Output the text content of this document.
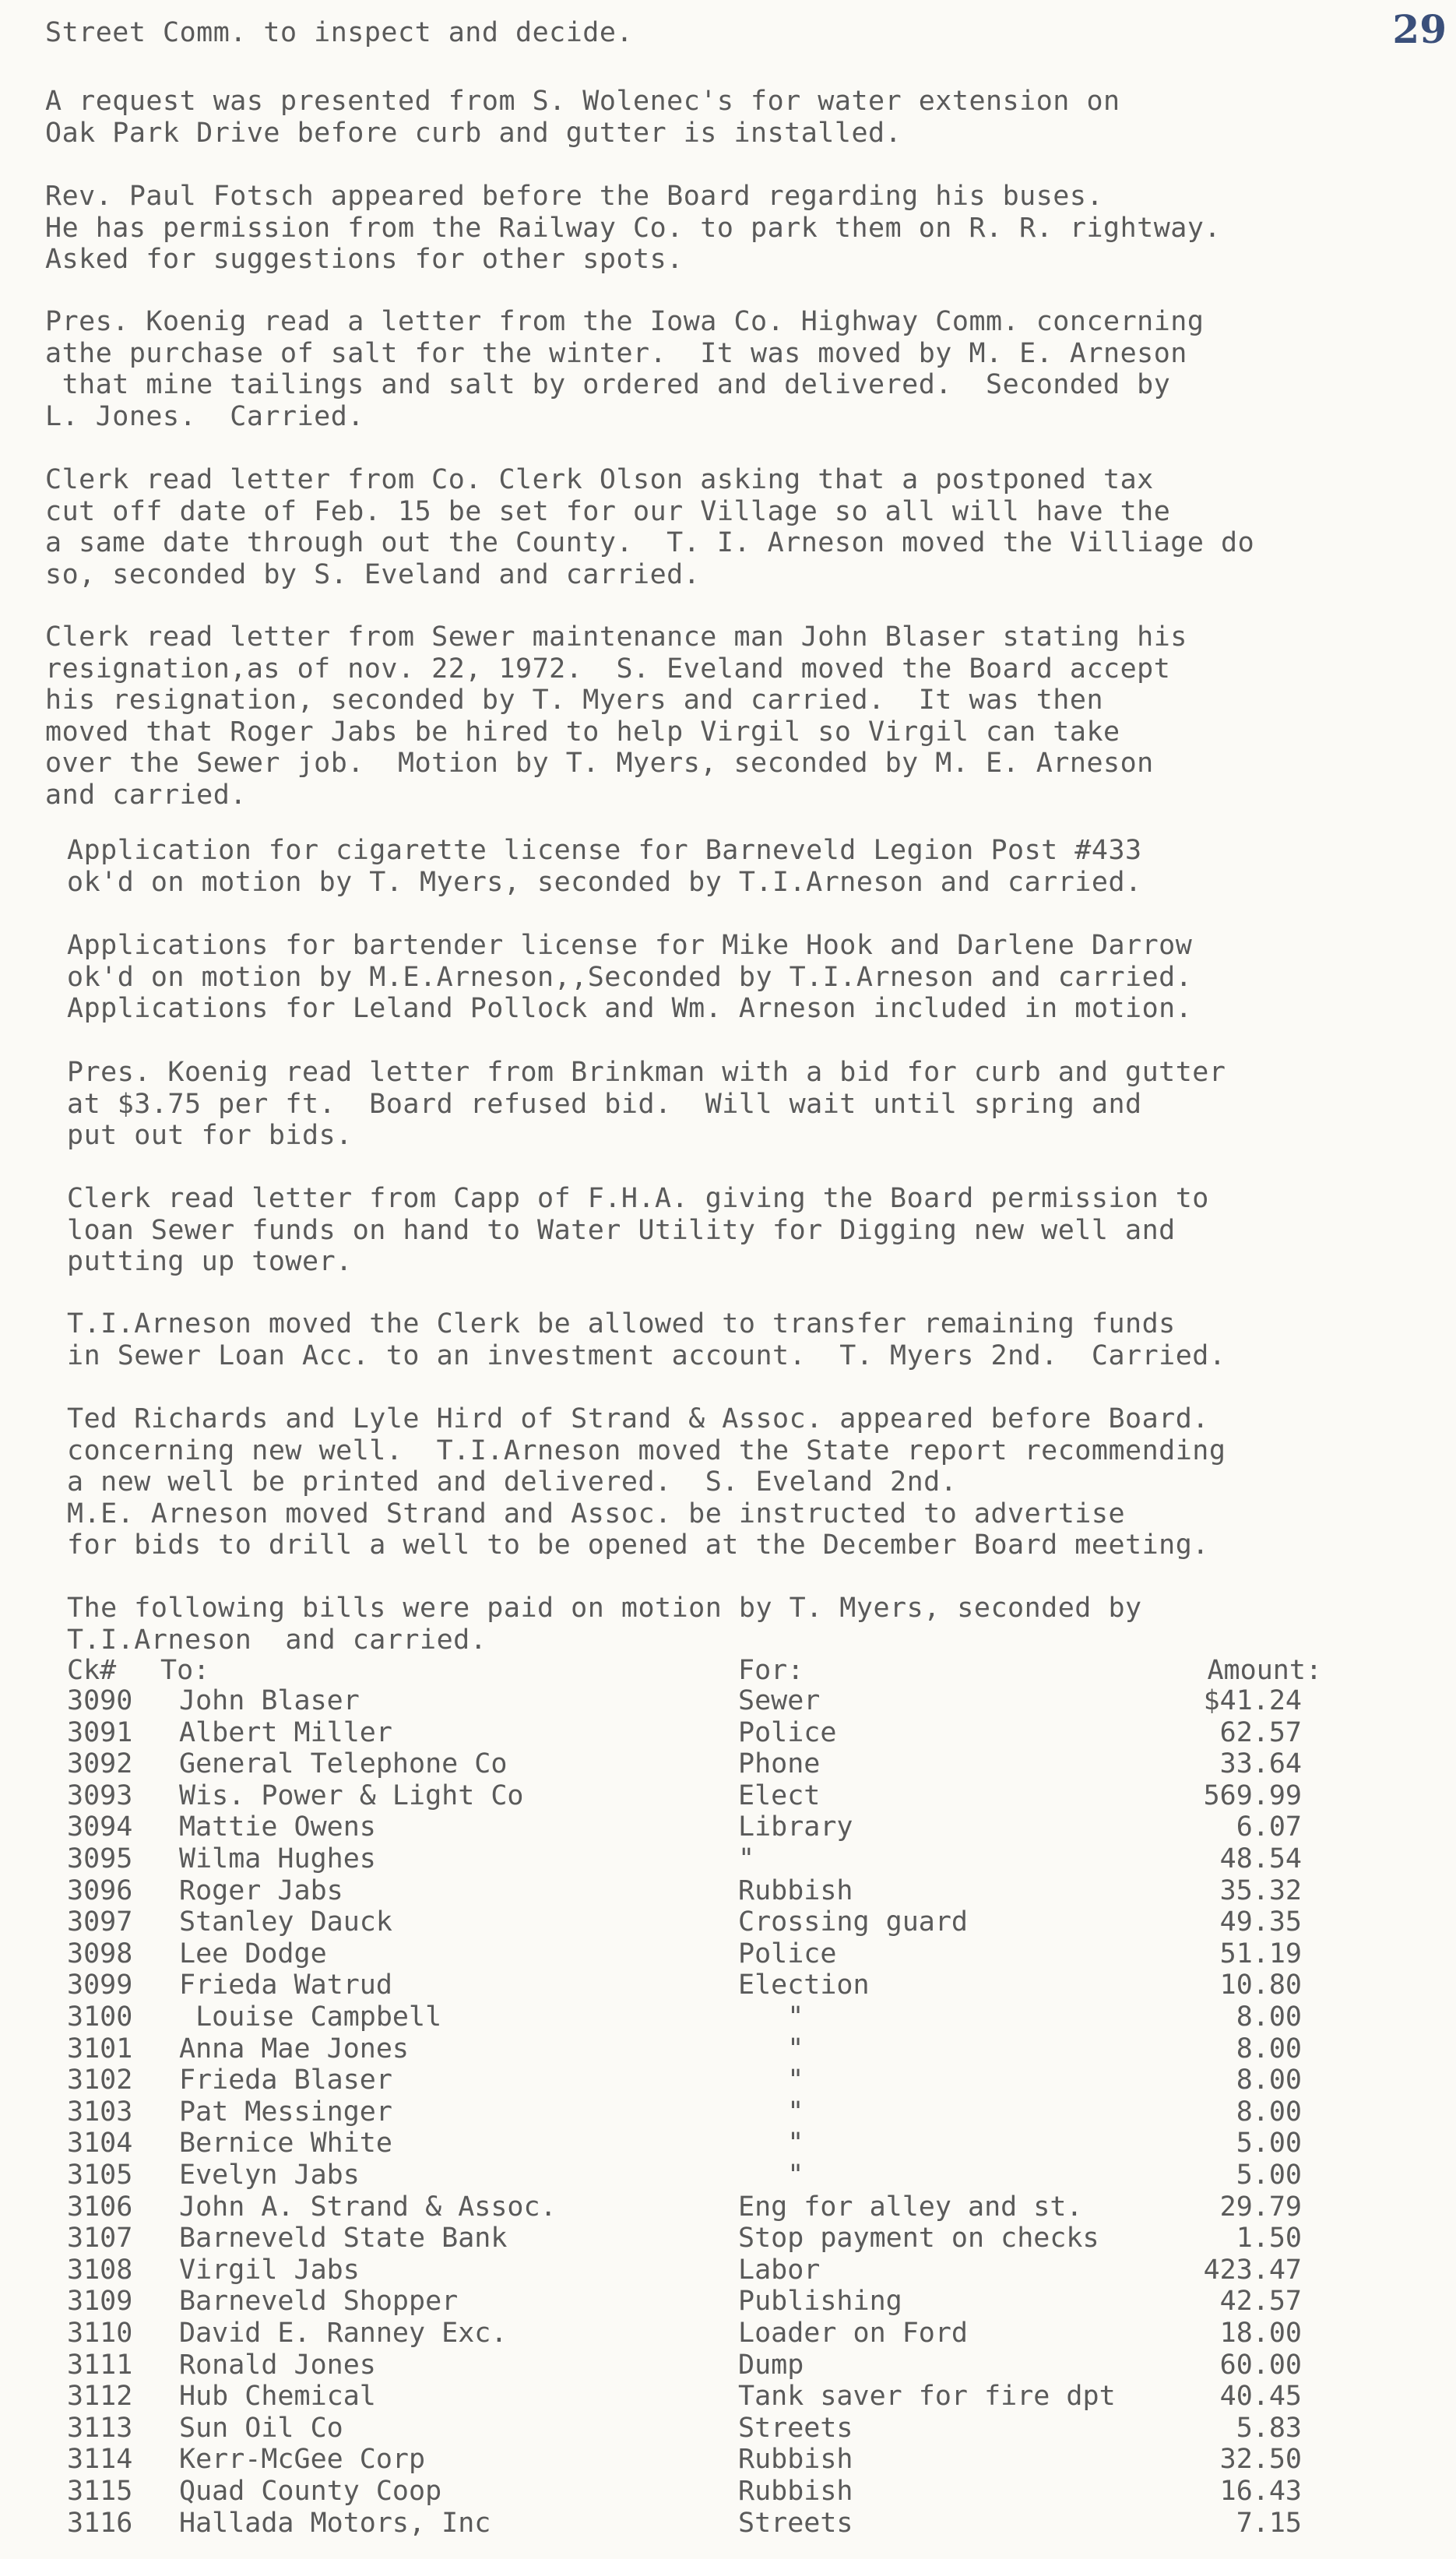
29
Street Comm. to inspect and decide.
A request was presented from S. Wolenec's for water extension on
Oak Park Drive before curb and gutter is installed.
Rev. Paul Fotsch appeared before the Board regarding his buses.
He has permission from the Railway Co. to park them on R. R. rightway.
Asked for suggestions for other spots.
Pres. Koenig read a letter from the Iowa Co. Highway Comm. concerning
athe purchase of salt for the winter.  It was moved by M. E. Arneson
that mine tailings and salt by ordered and delivered.  Seconded by
L. Jones.  Carried.
Clerk read letter from Co. Clerk Olson asking that a postponed tax
cut off date of Feb. 15 be set for our Village so all will have the
a same date through out the County.  T. I. Arneson moved the Villiage do
so, seconded by S. Eveland and carried.
Clerk read letter from Sewer maintenance man John Blaser stating his
resignation,as of nov. 22, 1972.  S. Eveland moved the Board accept
his resignation, seconded by T. Myers and carried.  It was then
moved that Roger Jabs be hired to help Virgil so Virgil can take
over the Sewer job.  Motion by T. Myers, seconded by M. E. Arneson
and carried.
Application for cigarette license for Barneveld Legion Post #433
ok'd on motion by T. Myers, seconded by T.I.Arneson and carried.
Applications for bartender license for Mike Hook and Darlene Darrow
ok'd on motion by M.E.Arneson,,Seconded by T.I.Arneson and carried.
Applications for Leland Pollock and Wm. Arneson included in motion.
Pres. Koenig read letter from Brinkman with a bid for curb and gutter
at $3.75 per ft.  Board refused bid.  Will wait until spring and
put out for bids.
Clerk read letter from Capp of F.H.A. giving the Board permission to
loan Sewer funds on hand to Water Utility for Digging new well and
putting up tower.
T.I.Arneson moved the Clerk be allowed to transfer remaining funds
in Sewer Loan Acc. to an investment account.  T. Myers 2nd.  Carried.
Ted Richards and Lyle Hird of Strand & Assoc. appeared before Board.
concerning new well.  T.I.Arneson moved the State report recommending
a new well be printed and delivered.  S. Eveland 2nd.
M.E. Arneson moved Strand and Assoc. be instructed to advertise
for bids to drill a well to be opened at the December Board meeting.
The following bills were paid on motion by T. Myers, seconded by
T.I.Arneson  and carried.
Ck# To:	For:	Amount:
3090 John Blaser	Sewer	$41.24
3091 Albert Miller	Police	62.57
3092 General Telephone Co	Phone	33.64
3093 Wis. Power & Light Co	Elect	569.99
3094 Mattie Owens	Library	6.07
3095 Wilma Hughes	"	48.54
3096 Roger Jabs	Rubbish	35.32
3097 Stanley Dauck	Crossing guard	49.35
3098 Lee Dodge	Police	51.19
3099 Frieda Watrud	Election	10.80
3100 Louise Campbell	"	8.00
3101 Anna Mae Jones	"	8.00
3102 Frieda Blaser	"	8.00
3103 Pat Messinger	"	8.00
3104 Bernice White	"	5.00
3105 Evelyn Jabs	"	5.00
3106 John A. Strand & Assoc.	Eng for alley and st.	29.79
3107 Barneveld State Bank	Stop payment on checks	1.50
3108 Virgil Jabs	Labor	423.47
3109 Barneveld Shopper	Publishing	42.57
3110 David E. Ranney Exc.	Loader on Ford	18.00
3111 Ronald Jones	Dump	60.00
3112 Hub Chemical	Tank saver for fire dpt	40.45
3113 Sun Oil Co	Streets	5.83
3114 Kerr-McGee Corp	Rubbish	32.50
3115 Quad County Coop	Rubbish	16.43
3116 Hallada Motors, Inc	Streets	7.15
